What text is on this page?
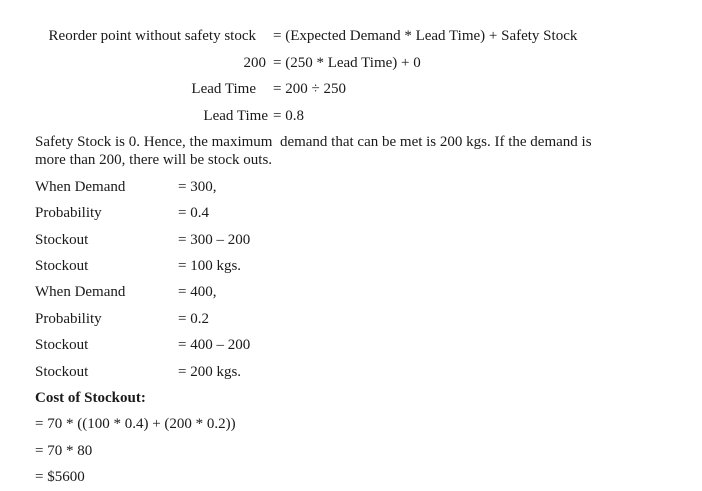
Reorder point without safety stock = (Expected Demand * Lead Time) + Safety Stock
200 = (250 * Lead Time) + 0
Lead Time = 200 ÷ 250
Lead Time = 0.8
Safety Stock is 0. Hence, the maximum  demand that can be met is 200 kgs. If the demand is
more than 200, there will be stock outs.
When Demand	= 300,
Probability	= 0.4
Stockout	= 300 – 200
Stockout	= 100 kgs.
When Demand	= 400,
Probability	= 0.2
Stockout	= 400 – 200
Stockout	= 200 kgs.
Cost of Stockout:
= 70 * ((100 * 0.4) + (200 * 0.2))
= 70 * 80
= $5600
